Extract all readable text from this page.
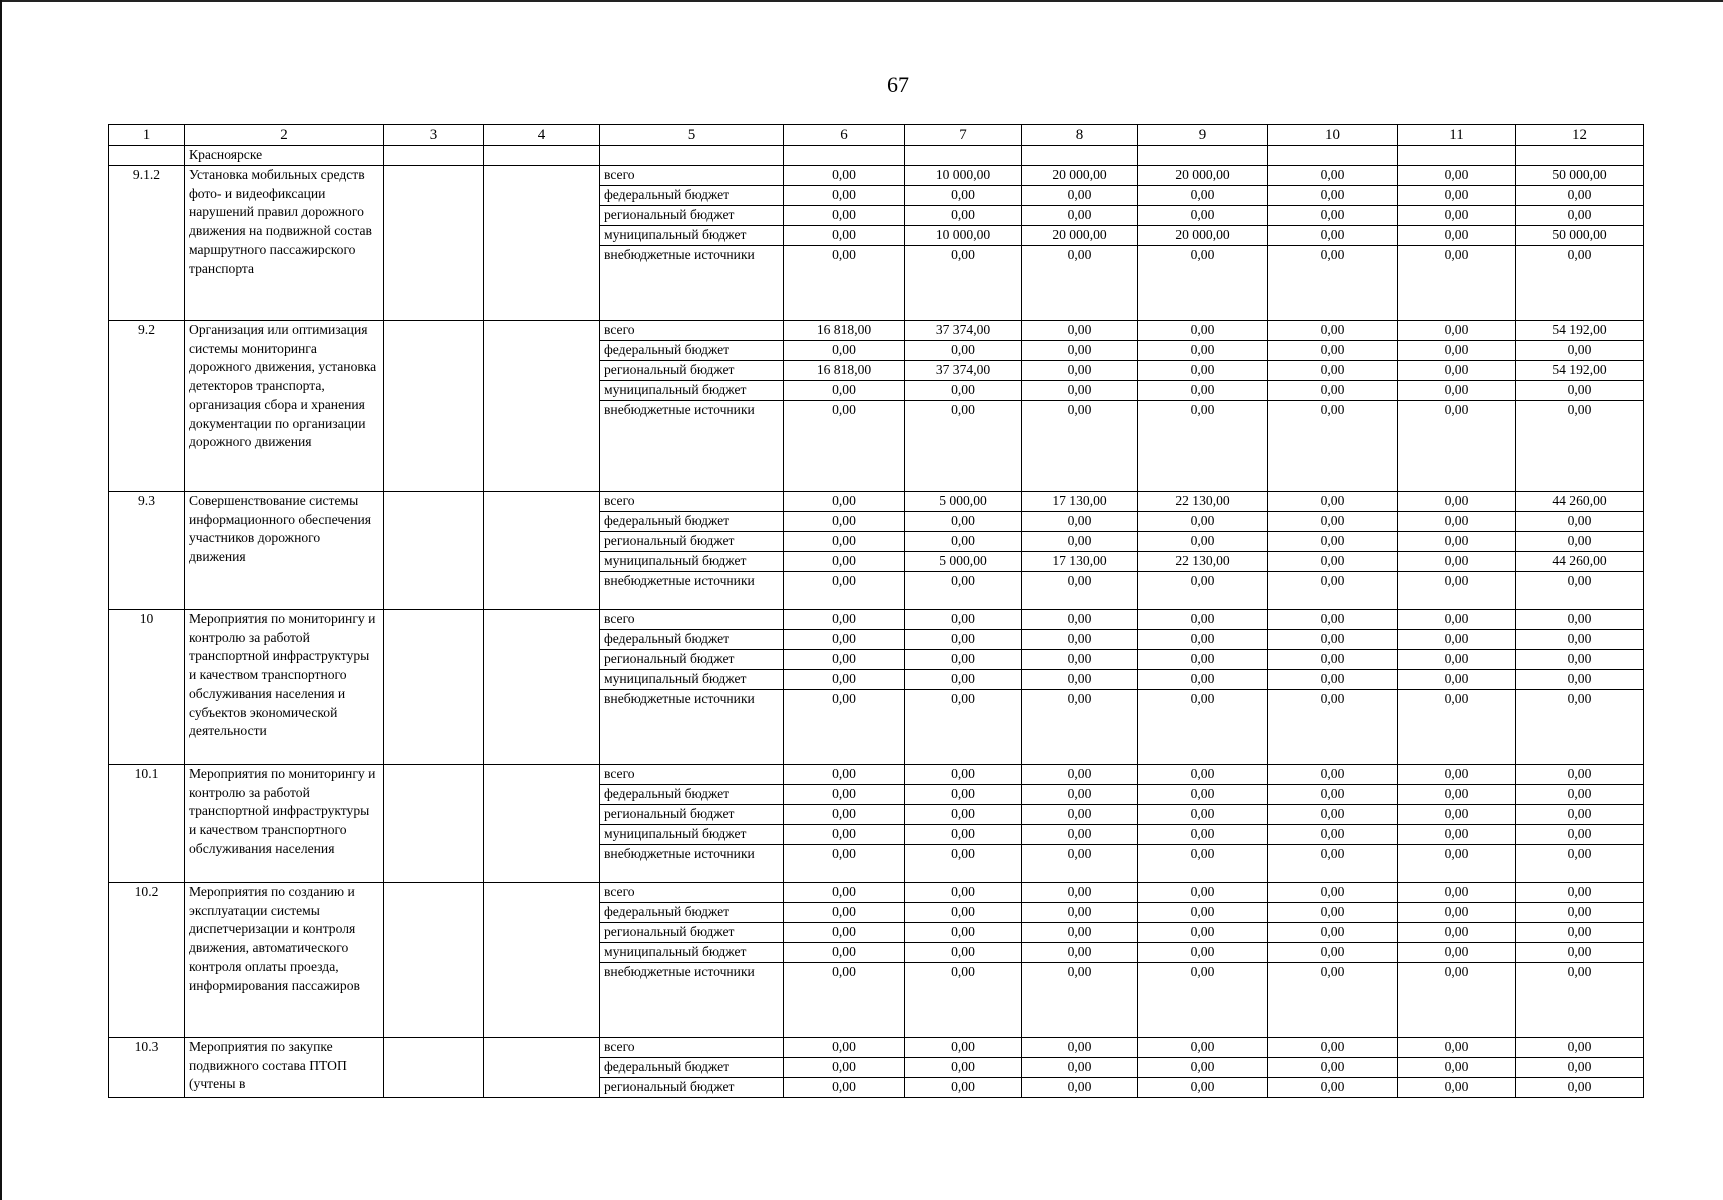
67
1	2	3	4	5	6	7	8	9	10	11	12
	Красноярске										
9.1.2	Установка мобильных средств фото- и видеофиксации нарушений правил дорожного движения на подвижной состав маршрутного пассажирского транспорта			всего	0,00	10 000,00	20 000,00	20 000,00	0,00	0,00	50 000,00
				федеральный бюджет	0,00	0,00	0,00	0,00	0,00	0,00	0,00
				региональный бюджет	0,00	0,00	0,00	0,00	0,00	0,00	0,00
				муниципальный бюджет	0,00	10 000,00	20 000,00	20 000,00	0,00	0,00	50 000,00
				внебюджетные источники	0,00	0,00	0,00	0,00	0,00	0,00	0,00
9.2	Организация или оптимизация системы мониторинга дорожного движения, установка детекторов транспорта, организация сбора и хранения документации по организации дорожного движения			всего	16 818,00	37 374,00	0,00	0,00	0,00	0,00	54 192,00
				федеральный бюджет	0,00	0,00	0,00	0,00	0,00	0,00	0,00
				региональный бюджет	16 818,00	37 374,00	0,00	0,00	0,00	0,00	54 192,00
				муниципальный бюджет	0,00	0,00	0,00	0,00	0,00	0,00	0,00
				внебюджетные источники	0,00	0,00	0,00	0,00	0,00	0,00	0,00
9.3	Совершенствование системы информационного обеспечения участников дорожного движения			всего	0,00	5 000,00	17 130,00	22 130,00	0,00	0,00	44 260,00
				федеральный бюджет	0,00	0,00	0,00	0,00	0,00	0,00	0,00
				региональный бюджет	0,00	0,00	0,00	0,00	0,00	0,00	0,00
				муниципальный бюджет	0,00	5 000,00	17 130,00	22 130,00	0,00	0,00	44 260,00
				внебюджетные источники	0,00	0,00	0,00	0,00	0,00	0,00	0,00
10	Мероприятия по мониторингу и контролю за работой транспортной инфраструктуры и качеством транспортного обслуживания населения и субъектов экономической деятельности			всего	0,00	0,00	0,00	0,00	0,00	0,00	0,00
				федеральный бюджет	0,00	0,00	0,00	0,00	0,00	0,00	0,00
				региональный бюджет	0,00	0,00	0,00	0,00	0,00	0,00	0,00
				муниципальный бюджет	0,00	0,00	0,00	0,00	0,00	0,00	0,00
				внебюджетные источники	0,00	0,00	0,00	0,00	0,00	0,00	0,00
10.1	Мероприятия по мониторингу и контролю за работой транспортной инфраструктуры и качеством транспортного обслуживания населения			всего	0,00	0,00	0,00	0,00	0,00	0,00	0,00
				федеральный бюджет	0,00	0,00	0,00	0,00	0,00	0,00	0,00
				региональный бюджет	0,00	0,00	0,00	0,00	0,00	0,00	0,00
				муниципальный бюджет	0,00	0,00	0,00	0,00	0,00	0,00	0,00
				внебюджетные источники	0,00	0,00	0,00	0,00	0,00	0,00	0,00
10.2	Мероприятия по созданию и эксплуатации системы диспетчеризации и контроля движения, автоматического контроля оплаты проезда, информирования пассажиров			всего	0,00	0,00	0,00	0,00	0,00	0,00	0,00
				федеральный бюджет	0,00	0,00	0,00	0,00	0,00	0,00	0,00
				региональный бюджет	0,00	0,00	0,00	0,00	0,00	0,00	0,00
				муниципальный бюджет	0,00	0,00	0,00	0,00	0,00	0,00	0,00
				внебюджетные источники	0,00	0,00	0,00	0,00	0,00	0,00	0,00
10.3	Мероприятия по закупке подвижного состава ПТОП (учтены в			всего	0,00	0,00	0,00	0,00	0,00	0,00	0,00
				федеральный бюджет	0,00	0,00	0,00	0,00	0,00	0,00	0,00
				региональный бюджет	0,00	0,00	0,00	0,00	0,00	0,00	0,00
